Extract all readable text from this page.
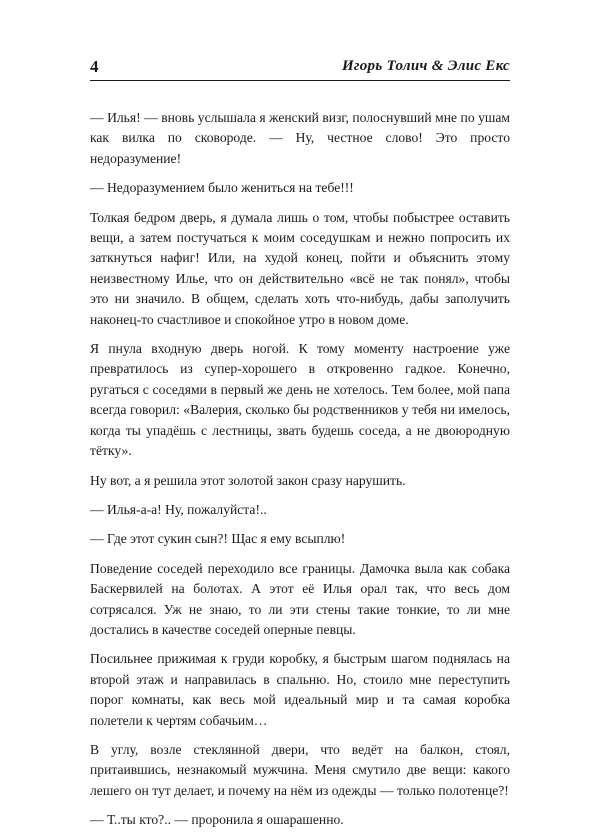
4	Игорь Толич & Элис Екс

— Илья! — вновь услышала я женский визг, полоснувший мне по ушам как вилка по сковороде. — Ну, честное слово! Это просто недоразумение!

— Недоразумением было жениться на тебе!!!

Толкая бедром дверь, я думала лишь о том, чтобы побыстрее оставить вещи, а затем постучаться к моим соседушкам и нежно попросить их заткнуться нафиг! Или, на худой конец, пойти и объяснить этому неизвестному Илье, что он действительно «всё не так понял», чтобы это ни значило. В общем, сделать хоть что-нибудь, дабы заполучить наконец-то счастливое и спокойное утро в новом доме.

Я пнула входную дверь ногой. К тому моменту настроение уже превратилось из супер-хорошего в откровенно гадкое. Конечно, ругаться с соседями в первый же день не хотелось. Тем более, мой папа всегда говорил: «Валерия, сколько бы родственников у тебя ни имелось, когда ты упадёшь с лестницы, звать будешь соседа, а не двоюродную тётку».

Ну вот, а я решила этот золотой закон сразу нарушить.

— Илья-а-а! Ну, пожалуйста!..

— Где этот сукин сын?! Щас я ему всыплю!

Поведение соседей переходило все границы. Дамочка выла как собака Баскервилей на болотах. А этот её Илья орал так, что весь дом сотрясался. Уж не знаю, то ли эти стены такие тонкие, то ли мне достались в качестве соседей оперные певцы.

Посильнее прижимая к груди коробку, я быстрым шагом поднялась на второй этаж и направилась в спальню. Но, стоило мне переступить порог комнаты, как весь мой идеальный мир и та самая коробка полетели к чертям собачьим…

В углу, возле стеклянной двери, что ведёт на балкон, стоял, притаившись, незнакомый мужчина. Меня смутило две вещи: какого лешего он тут делает, и почему на нём из одежды — только полотенце?!

— Т..ты кто?.. — проронила я ошарашенно.
